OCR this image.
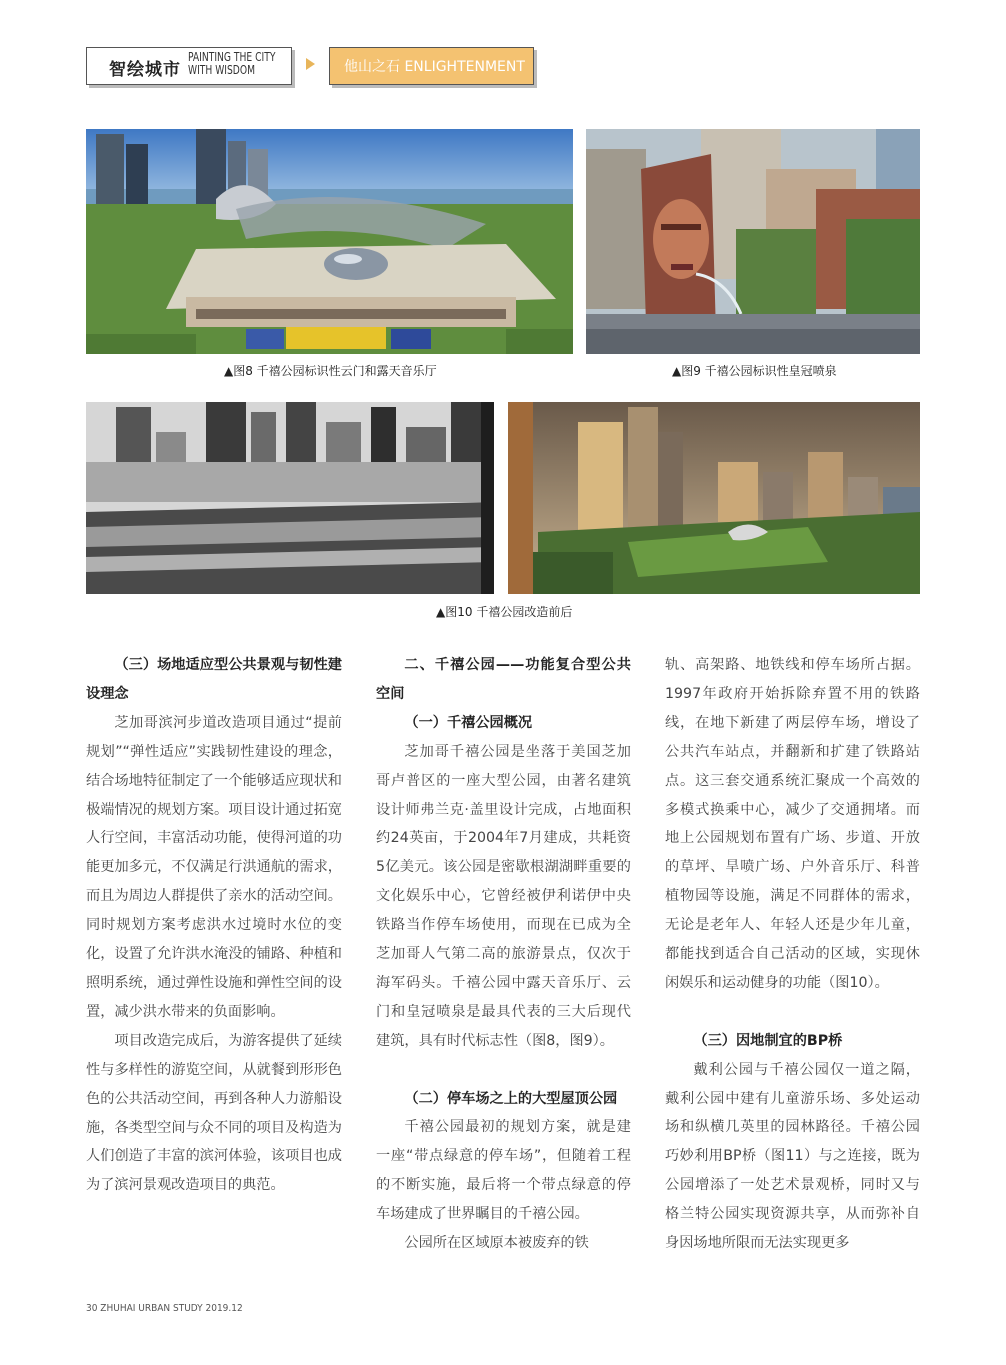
智绘城市
PAINTING THE CITY
WITH WISDOM	他山之石 ENLIGHTENMENT
▲图8 千禧公园标识性云门和露天音乐厅	▲图9 千禧公园标识性皇冠喷泉
▲图10 千禧公园改造前后

（三）场地适应型公共景观与韧性建设理念

芝加哥滨河步道改造项目通过“提前规划”“弹性适应”实践韧性建设的理念，结合场地特征制定了一个能够适应现状和极端情况的规划方案。项目设计通过拓宽人行空间，丰富活动功能，使得河道的功能更加多元，不仅满足行洪通航的需求，而且为周边人群提供了亲水的活动空间。同时规划方案考虑洪水过境时水位的变化，设置了允许洪水淹没的铺路、种植和照明系统，通过弹性设施和弹性空间的设置，减少洪水带来的负面影响。

项目改造完成后，为游客提供了延续性与多样性的游览空间，从就餐到形形色色的公共活动空间，再到各种人力游船设施，各类型空间与众不同的项目及构造为人们创造了丰富的滨河体验，该项目也成为了滨河景观改造项目的典范。

二、千禧公园——功能复合型公共空间

（一）千禧公园概况

芝加哥千禧公园是坐落于美国芝加哥卢普区的一座大型公园，由著名建筑设计师弗兰克·盖里设计完成，占地面积约24英亩，于2004年7月建成，共耗资5亿美元。该公园是密歇根湖湖畔重要的文化娱乐中心，它曾经被伊利诺伊中央铁路当作停车场使用，而现在已成为全芝加哥人气第二高的旅游景点，仅次于海军码头。千禧公园中露天音乐厅、云门和皇冠喷泉是最具代表的三大后现代建筑，具有时代标志性（图8，图9）。

（二）停车场之上的大型屋顶公园

千禧公园最初的规划方案，就是建一座“带点绿意的停车场”，但随着工程的不断实施，最后将一个带点绿意的停车场建成了世界瞩目的千禧公园。

公园所在区域原本被废弃的铁

轨、高架路、地铁线和停车场所占据。1997年政府开始拆除弃置不用的铁路线，在地下新建了两层停车场，增设了公共汽车站点，并翻新和扩建了铁路站点。这三套交通系统汇聚成一个高效的多模式换乘中心，减少了交通拥堵。而地上公园规划布置有广场、步道、开放的草坪、旱喷广场、户外音乐厅、科普植物园等设施，满足不同群体的需求，无论是老年人、年轻人还是少年儿童，都能找到适合自己活动的区域，实现休闲娱乐和运动健身的功能（图10）。

（三）因地制宜的BP桥

戴利公园与千禧公园仅一道之隔，戴利公园中建有儿童游乐场、多处运动场和纵横几英里的园林路径。千禧公园巧妙利用BP桥（图11）与之连接，既为公园增添了一处艺术景观桥，同时又与格兰特公园实现资源共享，从而弥补自身因场地所限而无法实现更多

30 ZHUHAI URBAN STUDY 2019.12
